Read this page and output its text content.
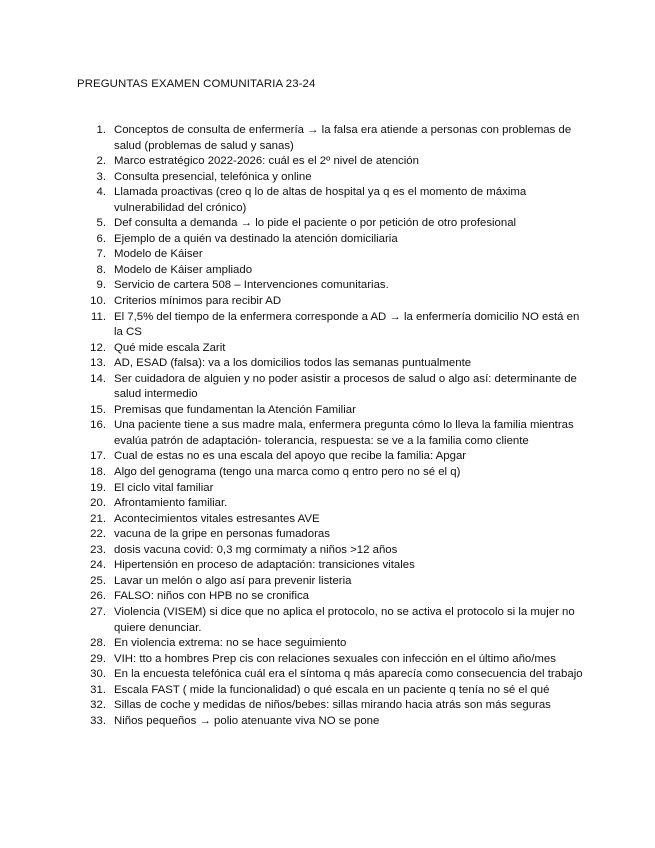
PREGUNTAS EXAMEN COMUNITARIA 23-24
1. Conceptos de consulta de enfermería → la falsa era atiende a personas con problemas de salud (problemas de salud y sanas)
2. Marco estratégico 2022-2026: cuál es el 2º nivel de atención
3. Consulta presencial, telefónica y online
4. Llamada proactivas (creo q lo de altas de hospital ya q es el momento de máxima vulnerabilidad del crónico)
5. Def consulta a demanda → lo pide el paciente o por petición de otro profesional
6. Ejemplo de a quién va destinado la atención domiciliaria
7. Modelo de Káiser
8. Modelo de Káiser ampliado
9. Servicio de cartera 508 – Intervenciones comunitarias.
10. Criterios mínimos para recibir AD
11. El 7,5% del tiempo de la enfermera corresponde a AD → la enfermería domicilio NO está en la CS
12. Qué mide escala Zarit
13. AD, ESAD (falsa): va a los domicilios todos las semanas puntualmente
14. Ser cuidadora de alguien y no poder asistir a procesos de salud o algo así: determinante de salud intermedio
15. Premisas que fundamentan la Atención Familiar
16. Una paciente tiene a sus madre mala, enfermera pregunta cómo lo lleva la familia mientras evalúa patrón de adaptación- tolerancia, respuesta: se ve a la familia como cliente
17. Cual de estas no es una escala del apoyo que recibe la familia: Apgar
18. Algo del genograma (tengo una marca como q entro pero no sé el q)
19. El ciclo vital familiar
20. Afrontamiento familiar.
21. Acontecimientos vitales estresantes AVE
22. vacuna de la gripe en personas fumadoras
23. dosis vacuna covid: 0,3 mg cormimaty a niños >12 años
24. Hipertensión en proceso de adaptación: transiciones vitales
25. Lavar un melón o algo así para prevenir listeria
26. FALSO: niños con HPB no se cronifica
27. Violencia (VISEM) si dice que no aplica el protocolo, no se activa el protocolo si la mujer no quiere denunciar.
28. En violencia extrema: no se hace seguimiento
29. VIH: tto a hombres Prep cis con relaciones sexuales con infección en el último año/mes
30. En la encuesta telefónica cuál era el síntoma q más aparecía como consecuencia del trabajo
31. Escala FAST ( mide la funcionalidad) o qué escala en un paciente q tenía no sé el qué
32. Sillas de coche y medidas de niños/bebes: sillas mirando hacia atrás son más seguras
33. Niños pequeños → polio atenuante viva NO se pone
